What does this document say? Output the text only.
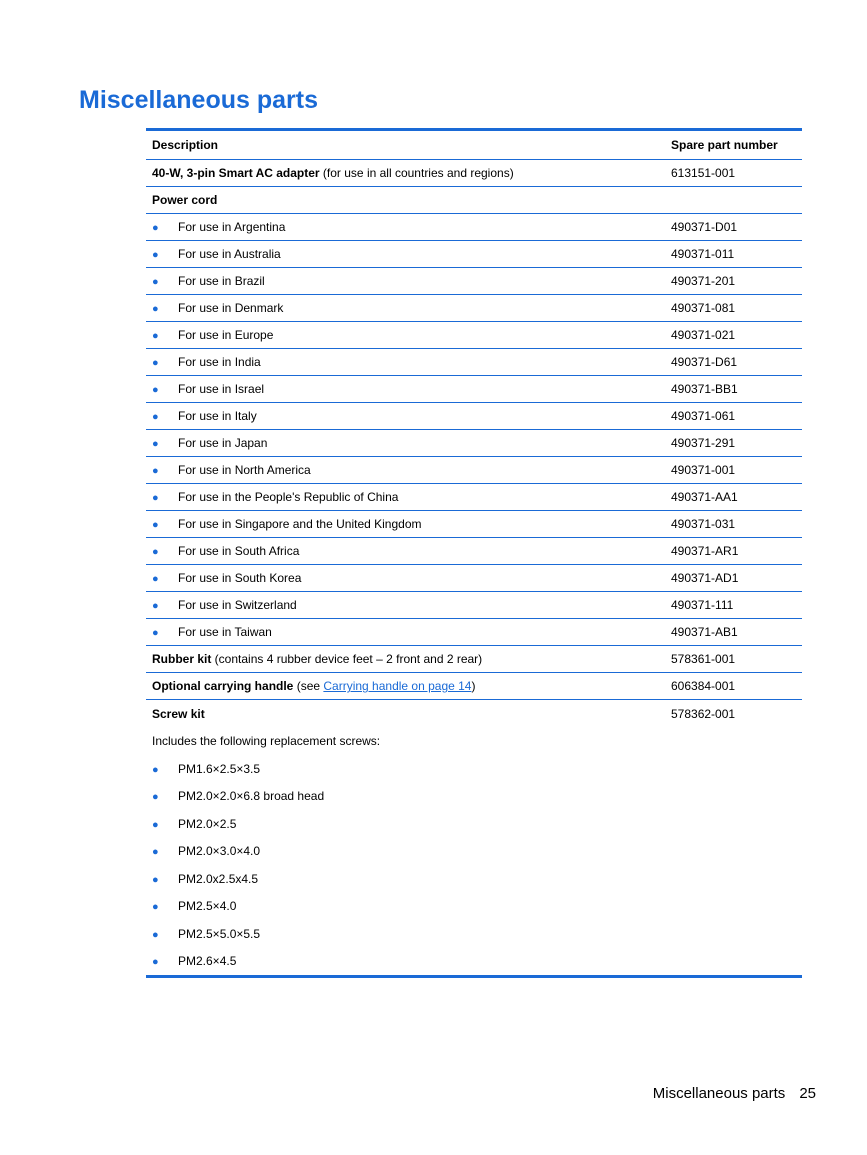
Miscellaneous parts

Description	Spare part number
40-W, 3-pin Smart AC adapter (for use in all countries and regions)	613151-001
Power cord	
● For use in Argentina	490371-D01
● For use in Australia	490371-011
● For use in Brazil	490371-201
● For use in Denmark	490371-081
● For use in Europe	490371-021
● For use in India	490371-D61
● For use in Israel	490371-BB1
● For use in Italy	490371-061
● For use in Japan	490371-291
● For use in North America	490371-001
● For use in the People's Republic of China	490371-AA1
● For use in Singapore and the United Kingdom	490371-031
● For use in South Africa	490371-AR1
● For use in South Korea	490371-AD1
● For use in Switzerland	490371-111
● For use in Taiwan	490371-AB1
Rubber kit (contains 4 rubber device feet – 2 front and 2 rear)	578361-001
Optional carrying handle (see Carrying handle on page 14)	606384-001
Screw kit	578362-001
Includes the following replacement screws:	
● PM1.6×2.5×3.5	
● PM2.0×2.0×6.8 broad head	
● PM2.0×2.5	
● PM2.0×3.0×4.0	
● PM2.0x2.5x4.5	
● PM2.5×4.0	
● PM2.5×5.0×5.5	
● PM2.6×4.5	

Miscellaneous parts 25
